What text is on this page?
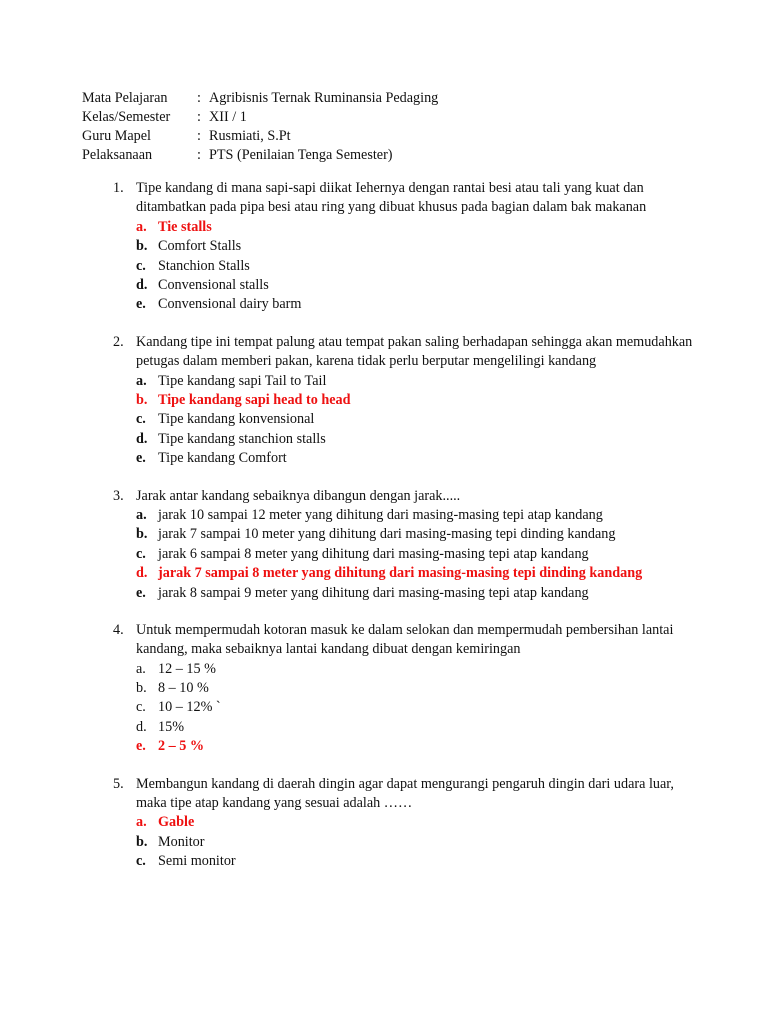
Mata Pelajaran	: Agribisnis Ternak Ruminansia Pedaging
Kelas/Semester	: XII / 1
Guru Mapel	: Rusmiati, S.Pt
Pelaksanaan	: PTS (Penilaian Tenga Semester)
1. Tipe kandang di mana sapi-sapi diikat Iehernya dengan rantai besi atau tali yang kuat dan ditambatkan pada pipa besi atau ring yang dibuat khusus pada bagian dalam bak makanan
a. Tie stalls
b. Comfort Stalls
c. Stanchion Stalls
d. Convensional stalls
e. Convensional dairy barm
2. Kandang tipe ini tempat palung atau tempat pakan saling berhadapan sehingga akan memudahkan petugas dalam memberi pakan, karena tidak perlu berputar mengelilingi kandang
a. Tipe kandang sapi Tail to Tail
b. Tipe kandang sapi head to head
c. Tipe kandang konvensional
d. Tipe kandang stanchion stalls
e. Tipe kandang Comfort
3. Jarak antar kandang sebaiknya dibangun dengan jarak.....
a. jarak 10 sampai 12 meter yang dihitung dari masing-masing tepi atap kandang
b. jarak 7 sampai 10 meter yang dihitung dari masing-masing tepi dinding kandang
c. jarak 6 sampai 8 meter yang dihitung dari masing-masing tepi atap kandang
d. jarak 7 sampai 8 meter yang dihitung dari masing-masing tepi dinding kandang
e. jarak 8 sampai 9 meter yang dihitung dari masing-masing tepi atap kandang
4. Untuk mempermudah kotoran masuk ke dalam selokan dan mempermudah pembersihan lantai kandang, maka sebaiknya lantai kandang dibuat dengan kemiringan
a. 12 – 15 %
b. 8 – 10 %
c. 10 – 12% `
d. 15%
e. 2 – 5 %
5. Membangun kandang di daerah dingin agar dapat mengurangi pengaruh dingin dari udara luar, maka tipe atap kandang yang sesuai adalah ……
a. Gable
b. Monitor
c. Semi monitor
